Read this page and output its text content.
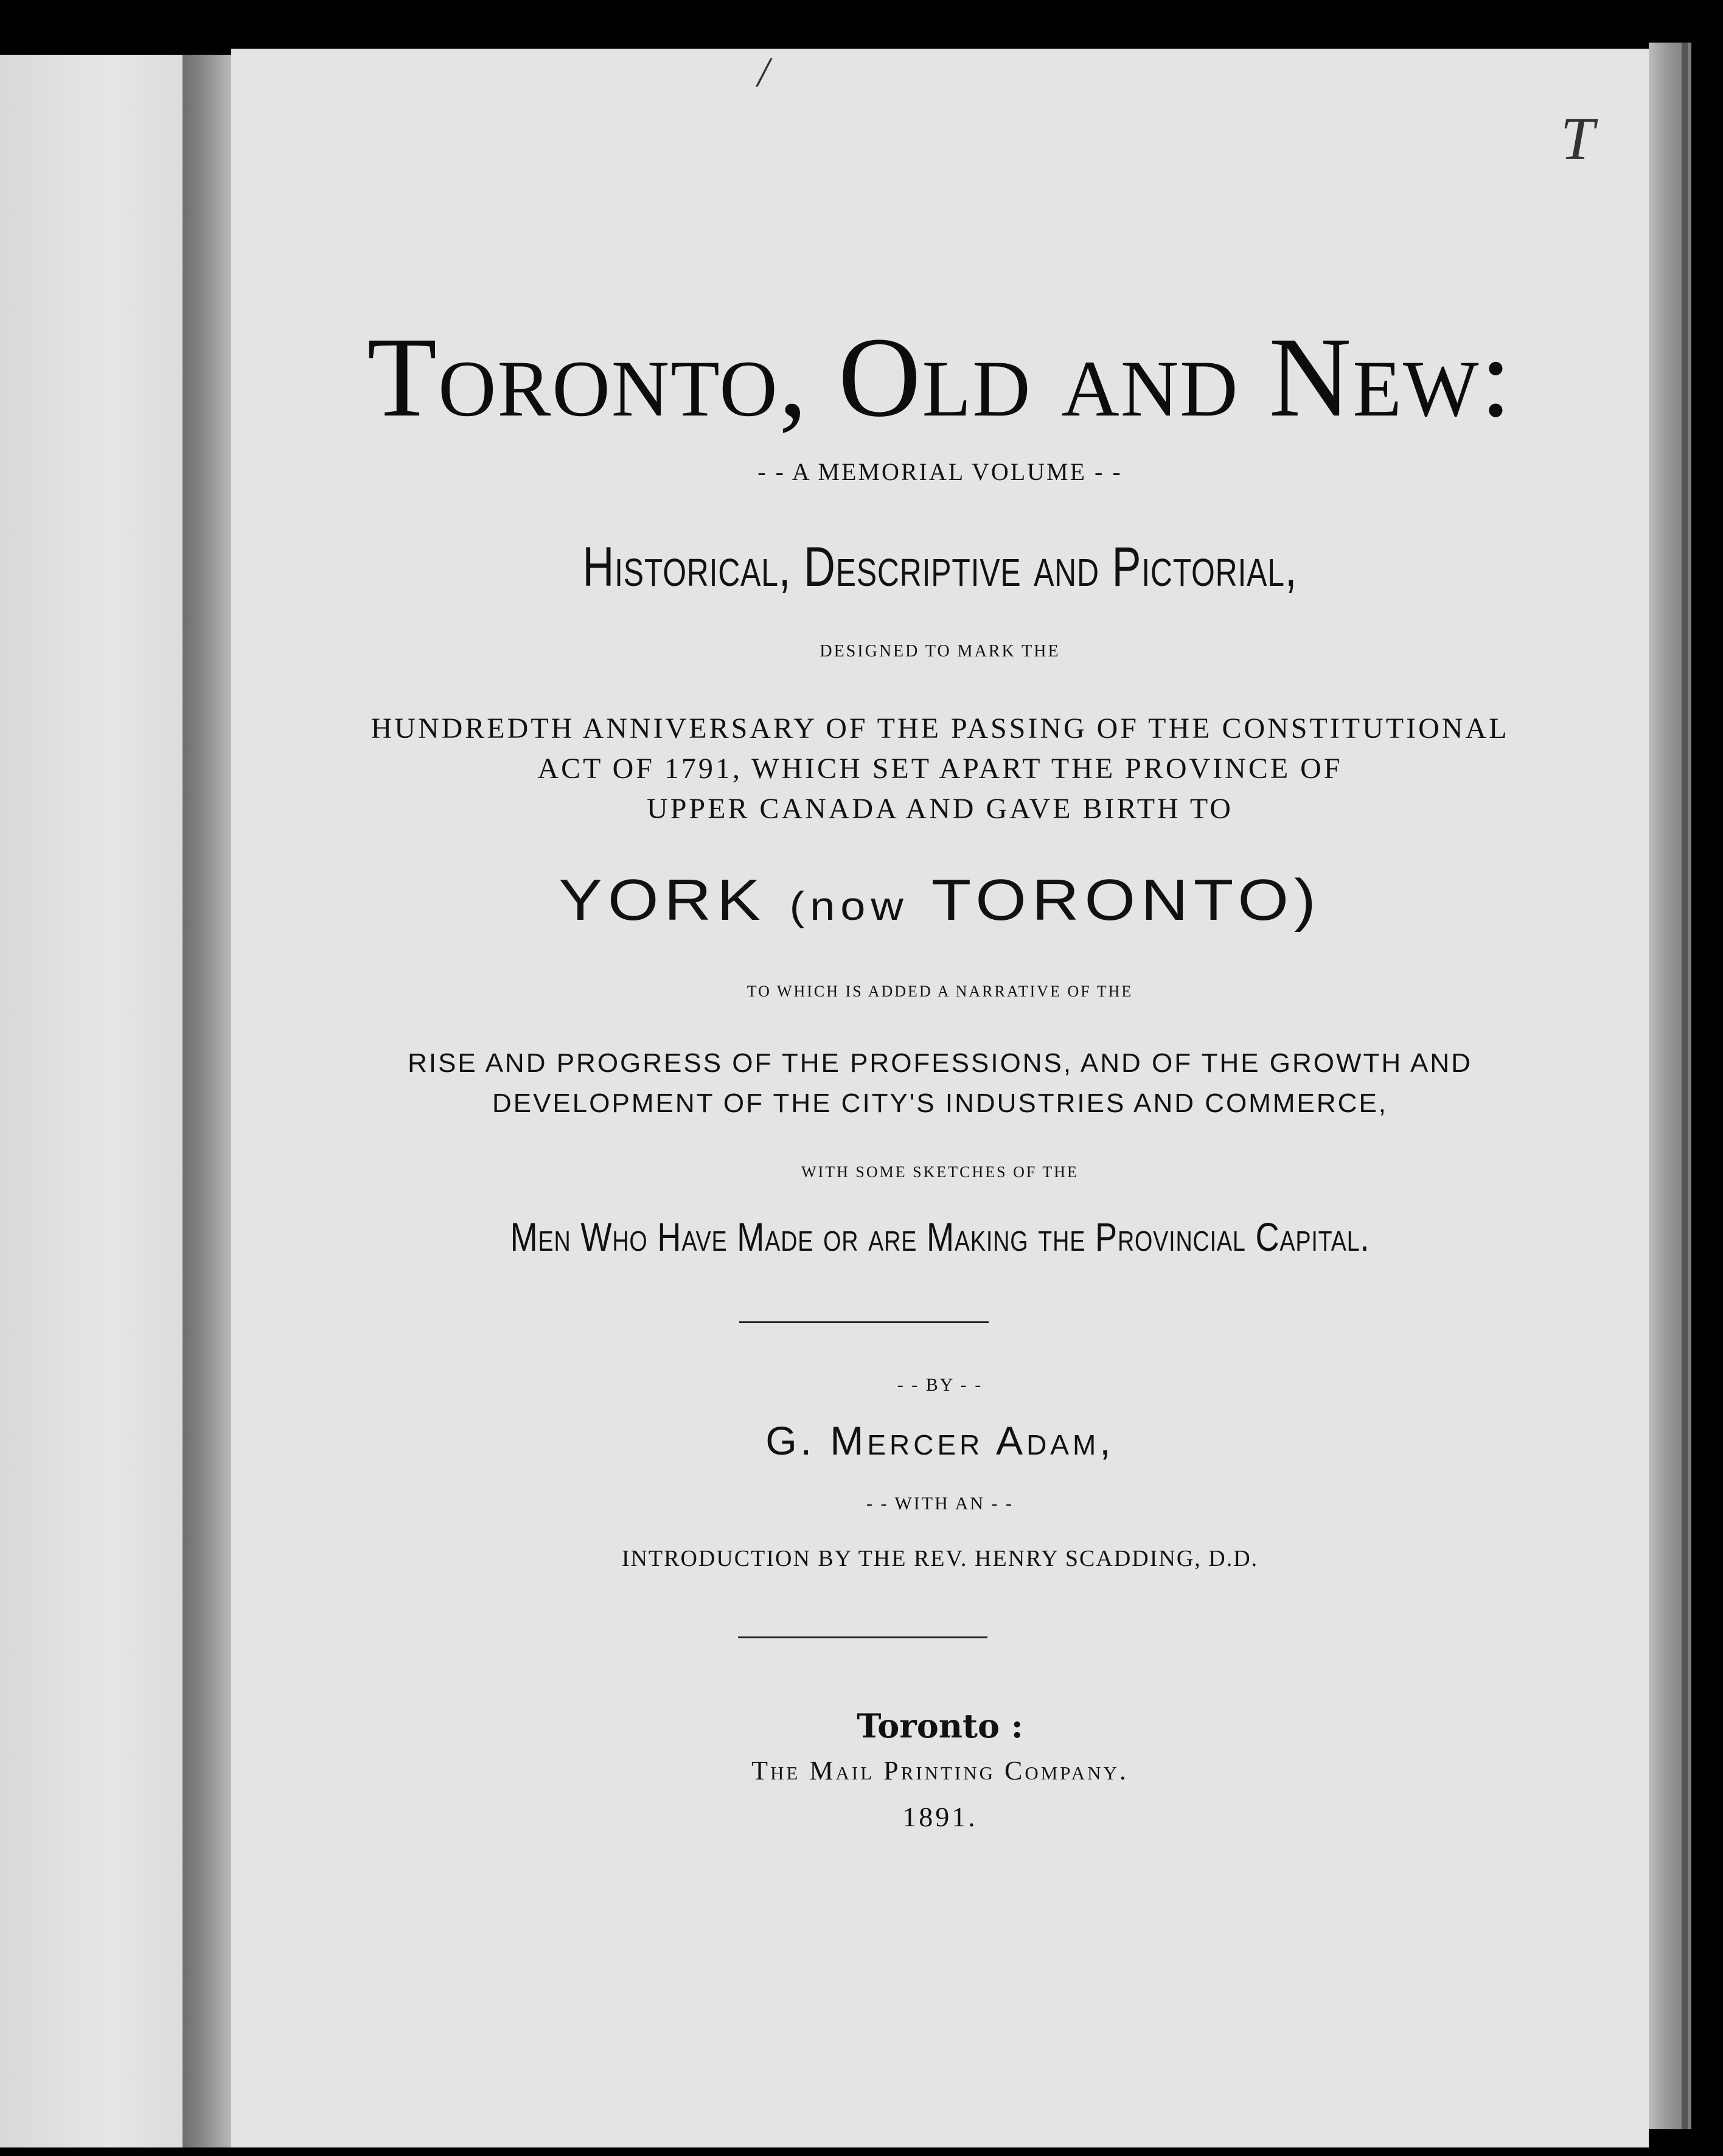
/
T
Toronto, Old and New:
- - A MEMORIAL VOLUME - -
Historical, Descriptive and Pictorial,
DESIGNED TO MARK THE
HUNDREDTH ANNIVERSARY OF THE PASSING OF THE CONSTITUTIONAL
ACT OF 1791, WHICH SET APART THE PROVINCE OF
UPPER CANADA AND GAVE BIRTH TO
YORK (now TORONTO)
TO WHICH IS ADDED A NARRATIVE OF THE
RISE AND PROGRESS OF THE PROFESSIONS, AND OF THE GROWTH AND
DEVELOPMENT OF THE CITY'S INDUSTRIES AND COMMERCE,
WITH SOME SKETCHES OF THE
Men Who Have Made or are Making the Provincial Capital.
- - BY - -
G. Mercer Adam,
- - WITH AN - -
INTRODUCTION BY THE REV. HENRY SCADDING, D.D.
Toronto :
The Mail Printing Company.
1891.
